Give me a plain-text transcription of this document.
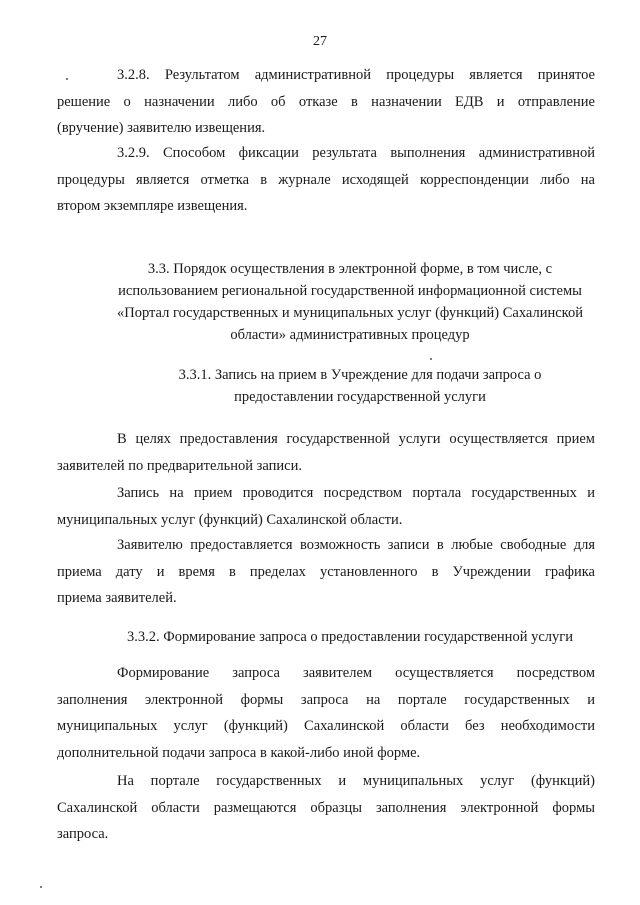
27
3.2.8. Результатом административной процедуры является принятое
решение о назначении либо об отказе в назначении ЕДВ и отправление
(вручение) заявителю извещения.
3.2.9. Способом фиксации результата выполнения административной
процедуры является отметка в журнале исходящей корреспонденции либо на
втором экземпляре извещения.
3.3. Порядок осуществления в электронной форме, в том числе, с
использованием региональной государственной информационной системы
«Портал государственных и муниципальных услуг (функций) Сахалинской
области» административных процедур
3.3.1. Запись на прием в Учреждение для подачи запроса о
предоставлении государственной услуги
В целях предоставления государственной услуги осуществляется прием
заявителей по предварительной записи.
Запись на прием проводится посредством портала государственных и
муниципальных услуг (функций) Сахалинской области.
Заявителю предоставляется возможность записи в любые свободные для
приема дату и время в пределах установленного в Учреждении графика
приема заявителей.
3.3.2. Формирование запроса о предоставлении государственной услуги
Формирование запроса заявителем осуществляется посредством
заполнения электронной формы запроса на портале государственных и
муниципальных услуг (функций) Сахалинской области без необходимости
дополнительной подачи запроса в какой-либо иной форме.
На портале государственных и муниципальных услуг (функций)
Сахалинской области размещаются образцы заполнения электронной формы
запроса.
